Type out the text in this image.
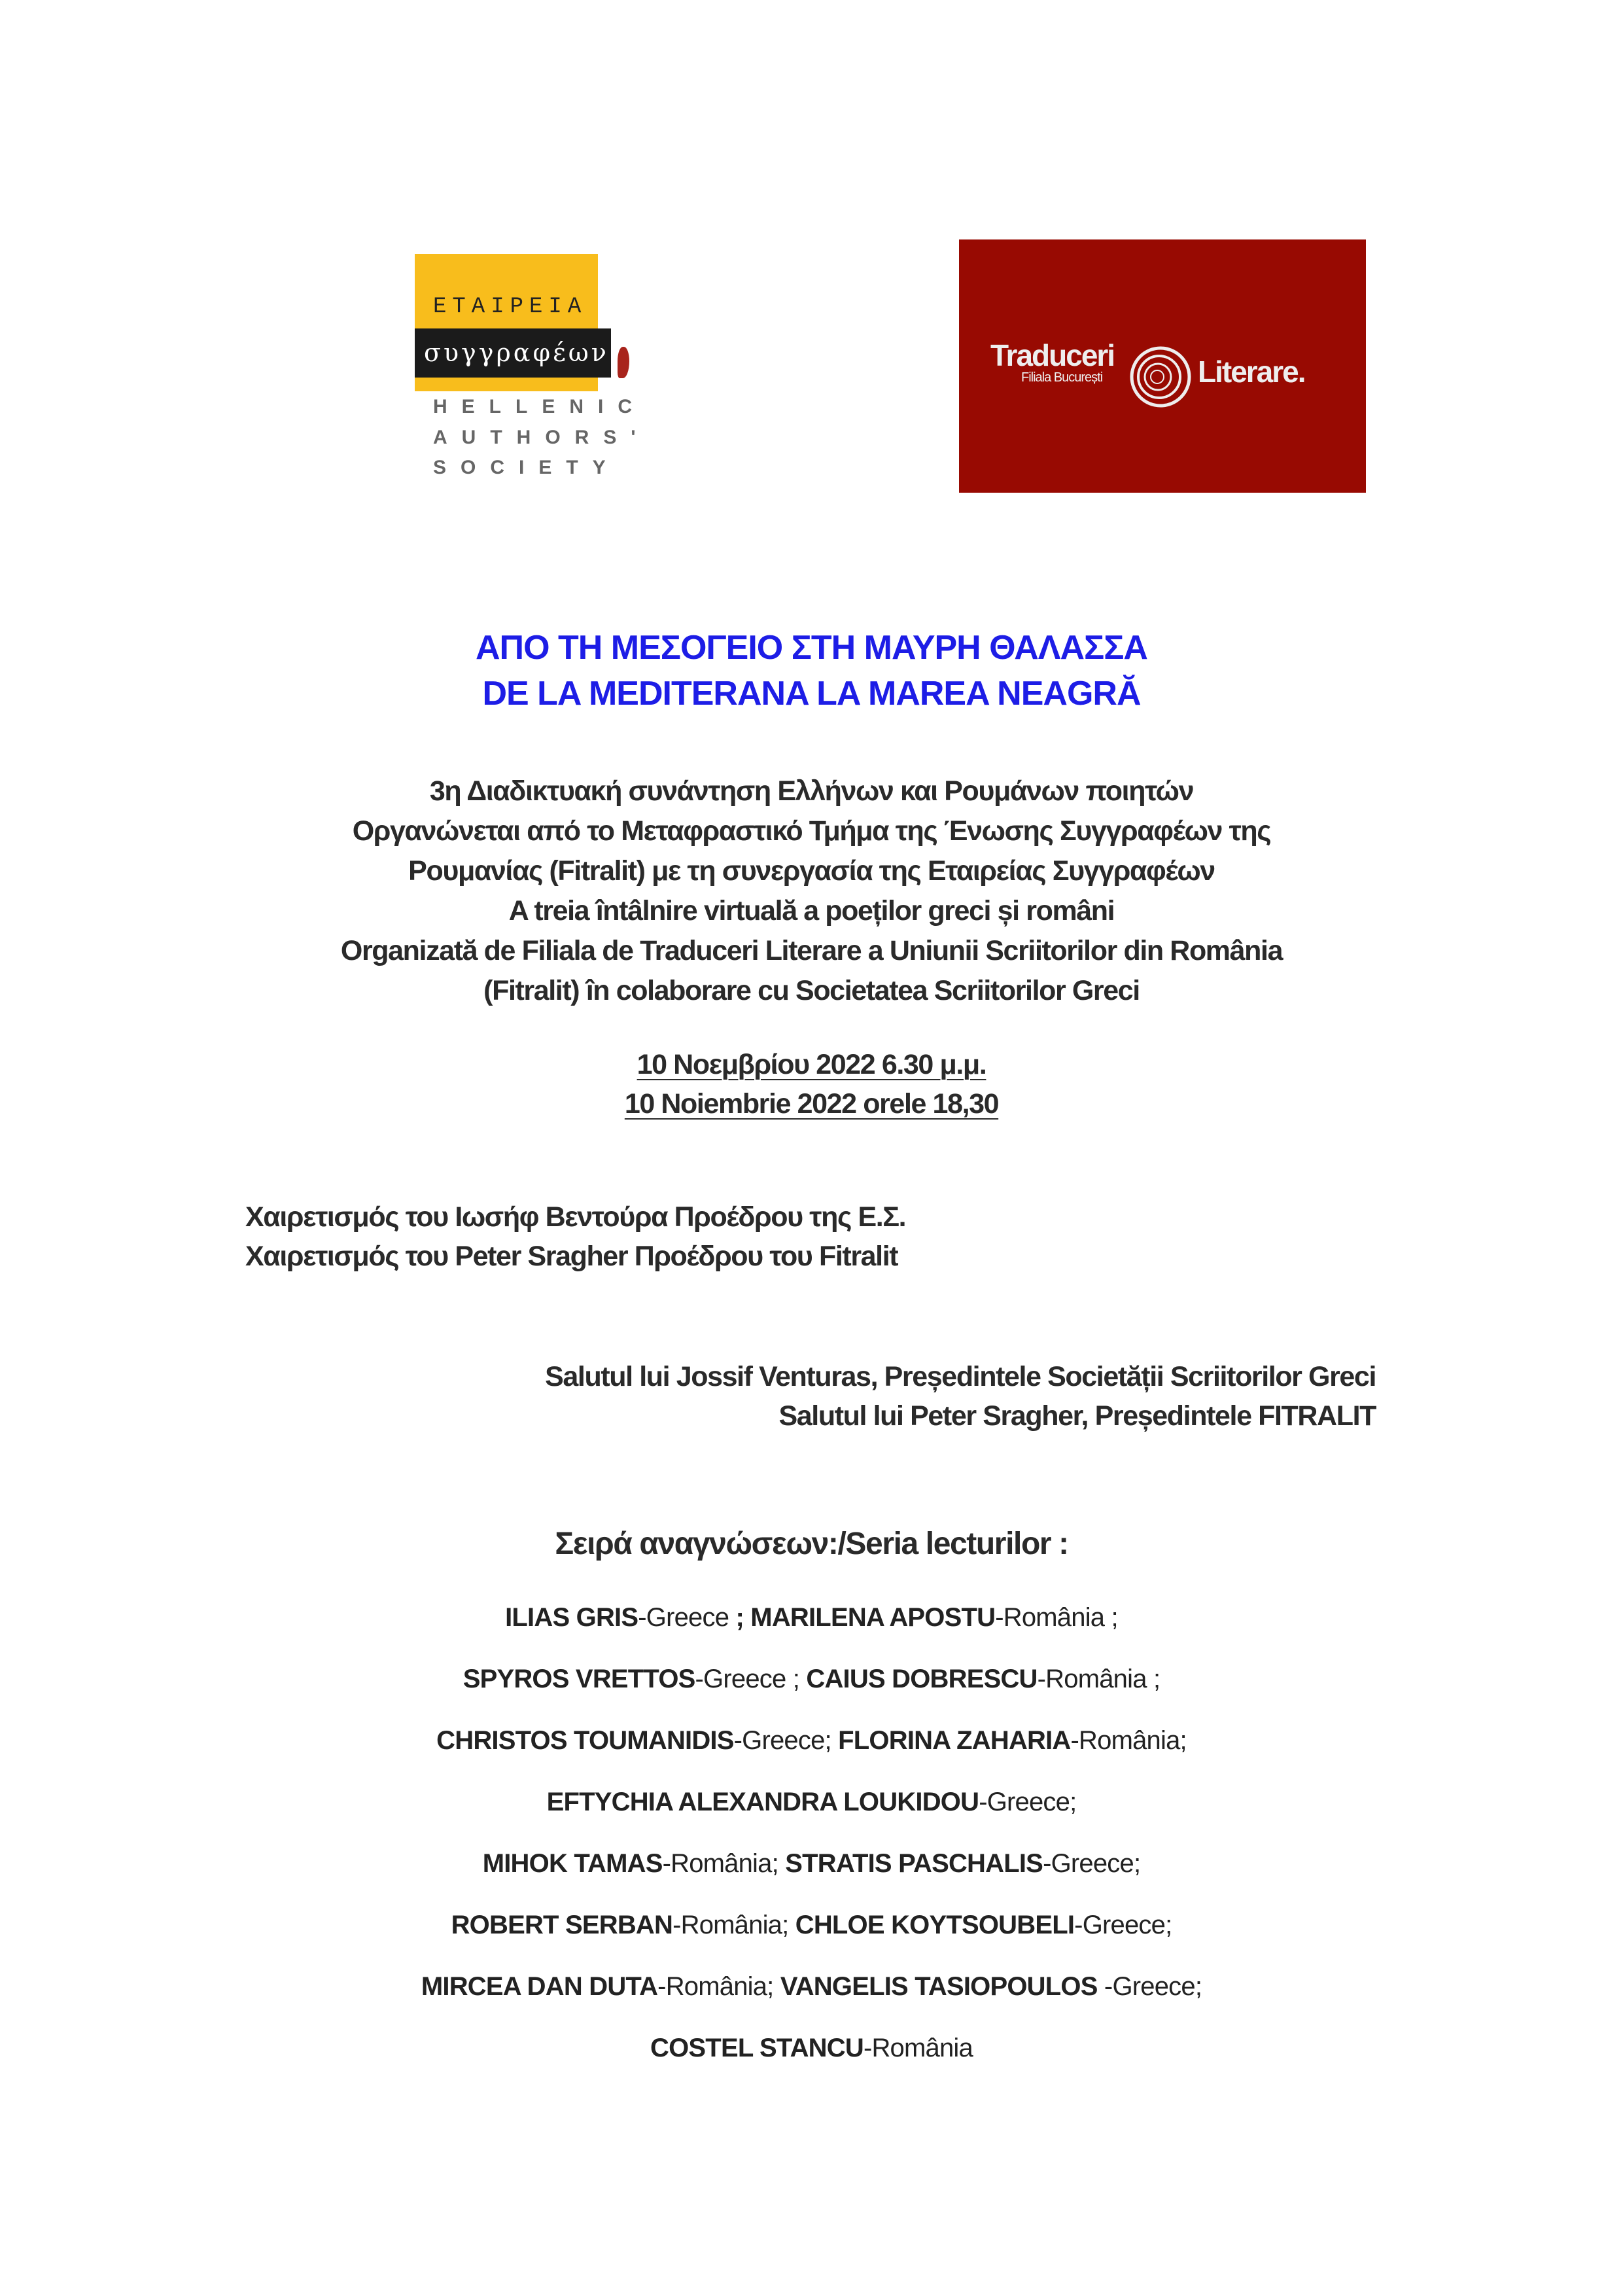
ΕΤΑΙΡΕΙΑ
συγγραφέων
HELLENIC
AUTHORS'
SOCIETY
Traduceri
Filiala București	Literare.
ΑΠΟ ΤΗ ΜΕΣΟΓΕΙΟ ΣΤΗ ΜΑΥΡΗ ΘΑΛΑΣΣΑ
DE LA MEDITERANA LA MAREA NEAGRĂ
3η Διαδικτυακή συνάντηση Ελλήνων και Ρουμάνων ποιητών
Οργανώνεται από το Μεταφραστικό Τμήμα της Ένωσης Συγγραφέων της
Ρουμανίας (Fitralit) με τη συνεργασία της Εταιρείας Συγγραφέων
A treia întâlnire virtuală a poeților greci și români
Organizată de Filiala de Traduceri Literare a Uniunii Scriitorilor din România
(Fitralit) în colaborare cu Societatea Scriitorilor Greci
10 Νοεμβρίου 2022 6.30 μ.μ.
10 Noiembrie 2022 orele 18,30
Χαιρετισμός του Ιωσήφ Βεντούρα Προέδρου της Ε.Σ.
Χαιρετισμός του Peter Sragher Προέδρου του Fitralit
Salutul lui Jossif Venturas, Președintele Societății Scriitorilor Greci
Salutul lui Peter Sragher, Președintele FITRALIT
Σειρά αναγνώσεων:/Seria lecturilor :
ILIAS GRIS-Greece ; MARILENA APOSTU-România ;
SPYROS VRETTOS-Greece ; CAIUS DOBRESCU-România ;
CHRISTOS TOUMANIDIS-Greece; FLORINA ZAHARIA-România;
EFTYCHIA ALEXANDRA LOUKIDOU-Greece;
MIHOK TAMAS-România; STRATIS PASCHALIS-Greece;
ROBERT SERBAN-România; CHLOE KOYTSOUBELI-Greece;
MIRCEA DAN DUTA-România; VANGELIS TASIOPOULOS -Greece;
COSTEL STANCU-România
